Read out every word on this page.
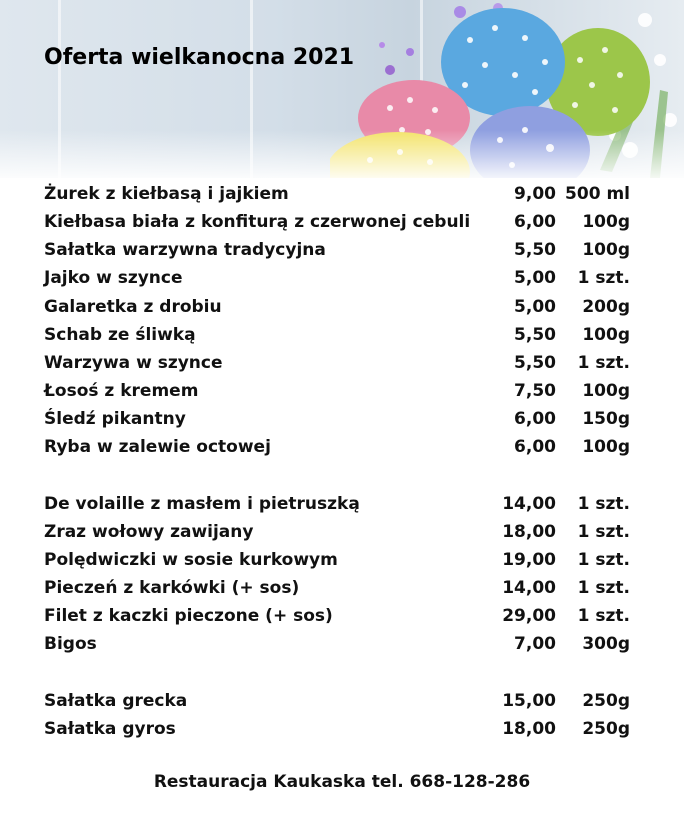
Oferta wielkanocna 2021
Żurek z kiełbasą i jajkiem	9,00 500 ml
Kiełbasa biała z konfiturą z czerwonej cebuli	6,00 100g
Sałatka warzywna tradycyjna	5,50 100g
Jajko w szynce	5,00 1 szt.
Galaretka z drobiu	5,00 200g
Schab ze śliwką	5,50 100g
Warzywa w szynce	5,50 1 szt.
Łosoś z kremem	7,50 100g
Śledź pikantny	6,00 150g
Ryba w zalewie octowej	6,00 100g
De volaille z masłem i pietruszką	14,00 1 szt.
Zraz wołowy zawijany	18,00 1 szt.
Polędwiczki w sosie kurkowym	19,00 1 szt.
Pieczeń z karkówki (+ sos)	14,00 1 szt.
Filet z kaczki pieczone (+ sos)	29,00 1 szt.
Bigos	7,00 300g
Sałatka grecka	15,00 250g
Sałatka gyros	18,00 250g
Restauracja Kaukaska tel. 668-128-286
